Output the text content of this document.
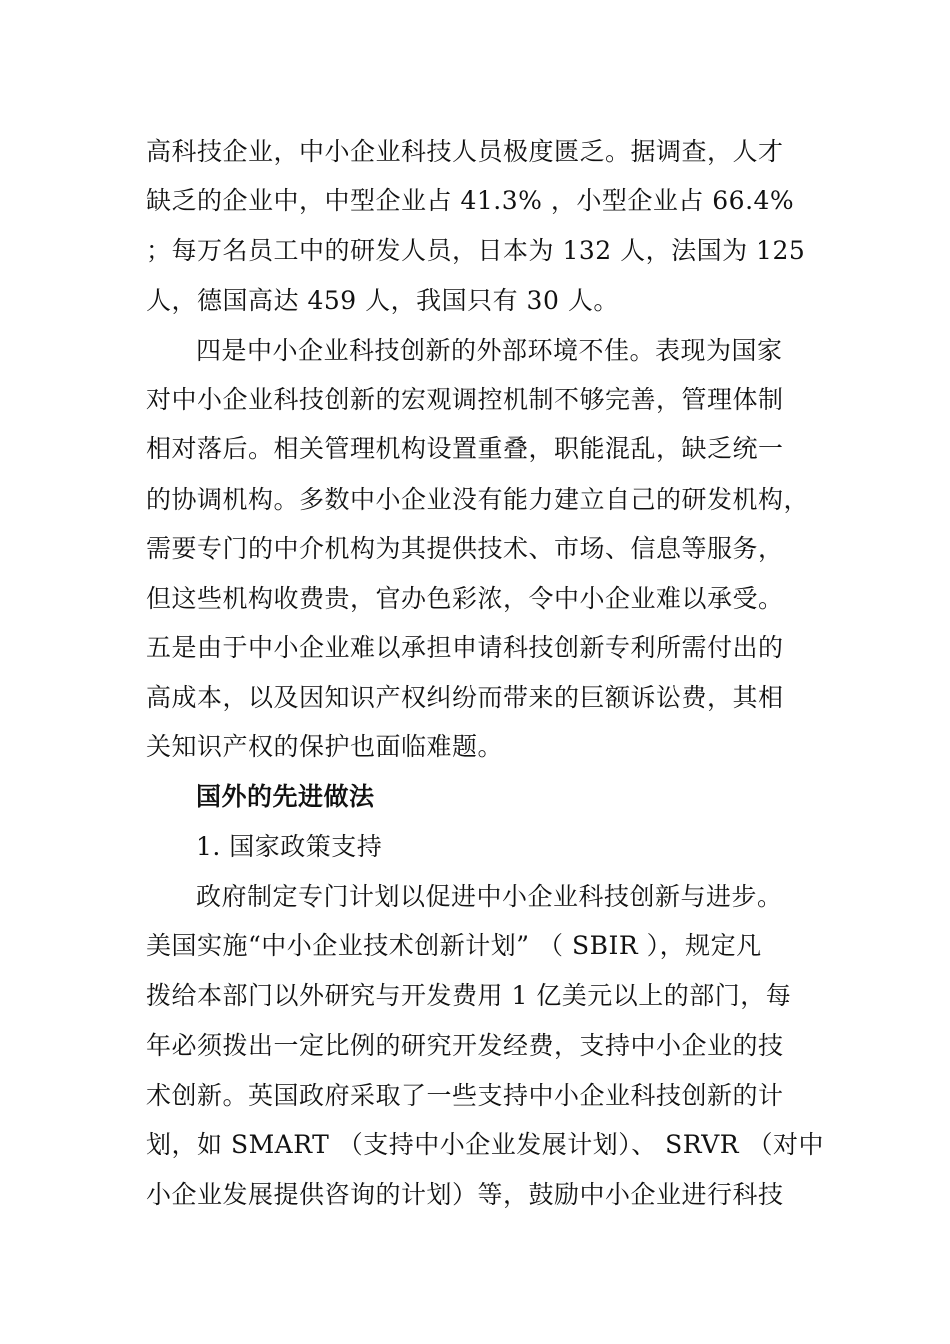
高科技企业，中小企业科技人员极度匮乏。据调查，人才
缺乏的企业中，中型企业占 41.3% ，小型企业占 66.4%
；每万名员工中的研发人员，日本为 132 人，法国为 125
人，德国高达 459 人，我国只有 30 人。
四是中小企业科技创新的外部环境不佳。表现为国家
对中小企业科技创新的宏观调控机制不够完善，管理体制
相对落后。相关管理机构设置重叠，职能混乱，缺乏统一
的协调机构。多数中小企业没有能力建立自己的研发机构，
需要专门的中介机构为其提供技术、市场、信息等服务，
但这些机构收费贵，官办色彩浓，令中小企业难以承受。
五是由于中小企业难以承担申请科技创新专利所需付出的
高成本，以及因知识产权纠纷而带来的巨额诉讼费，其相
关知识产权的保护也面临难题。
国外的先进做法
1. 国家政策支持
政府制定专门计划以促进中小企业科技创新与进步。
美国实施“中小企业技术创新计划” （ SBIR ），规定凡
拨给本部门以外研究与开发费用 1 亿美元以上的部门，每
年必须拨出一定比例的研究开发经费，支持中小企业的技
术创新。英国政府采取了一些支持中小企业科技创新的计
划，如 SMART （支持中小企业发展计划）、 SRVR （对中
小企业发展提供咨询的计划）等，鼓励中小企业进行科技
